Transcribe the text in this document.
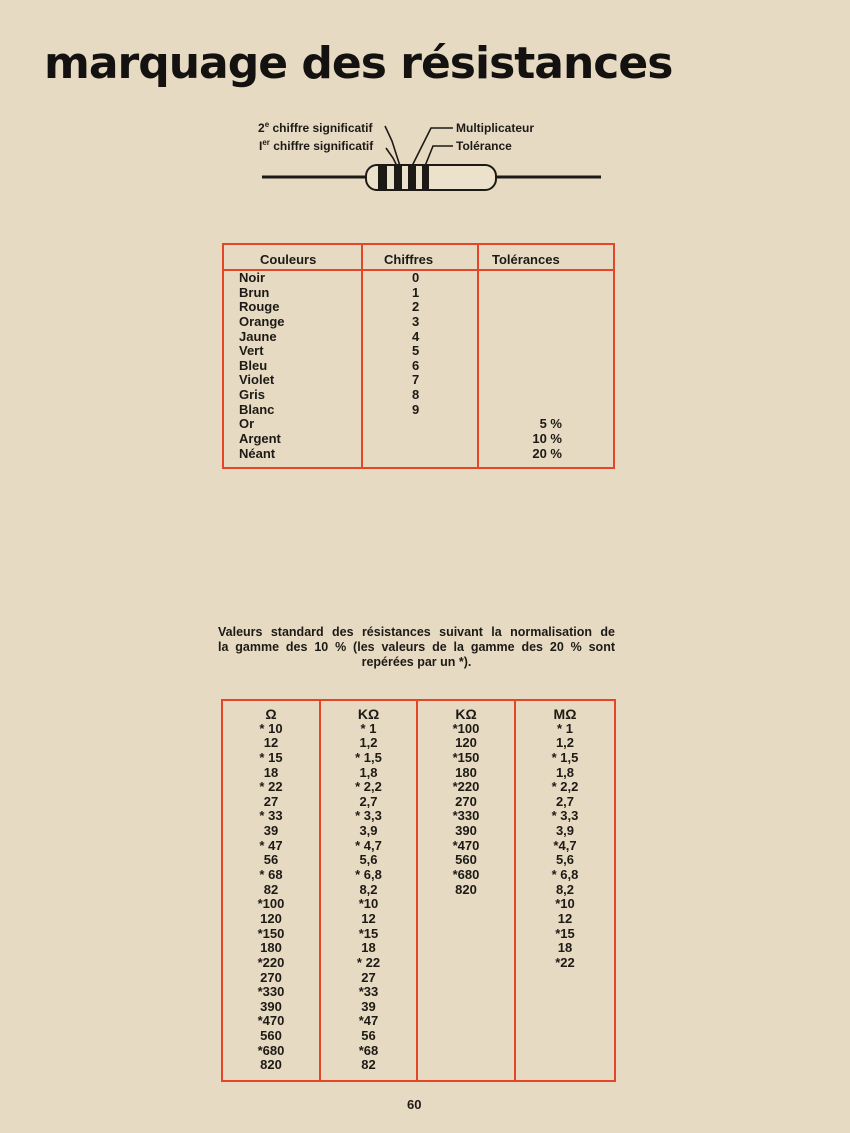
marquage des résistances
2e chiffre significatif
Ier chiffre significatif
Multiplicateur
Tolérance
Couleurs	Chiffres	Tolérances
Noir
Brun
Rouge
Orange
Jaune
Vert
Bleu
Violet
Gris
Blanc
Or
Argent
Néant
0
1
2
3
4
5
6
7
8
9
5 %
10 %
20 %
Valeurs standard des résistances suivant la normalisation de
la gamme des 10 % (les valeurs de la gamme des 20 % sont
repérées par un *).
Ω
* 10
12
* 15
18
* 22
27
* 33
39
* 47
56
* 68
82
*100
120
*150
180
*220
270
*330
390
*470
560
*680
820
KΩ
* 1
1,2
* 1,5
1,8
* 2,2
2,7
* 3,3
3,9
* 4,7
5,6
* 6,8
8,2
*10
12
*15
18
* 22
27
*33
39
*47
56
*68
82
KΩ
*100
120
*150
180
*220
270
*330
390
*470
560
*680
820
MΩ
* 1
1,2
* 1,5
1,8
* 2,2
2,7
* 3,3
3,9
*4,7
5,6
* 6,8
8,2
*10
12
*15
18
*22
60
